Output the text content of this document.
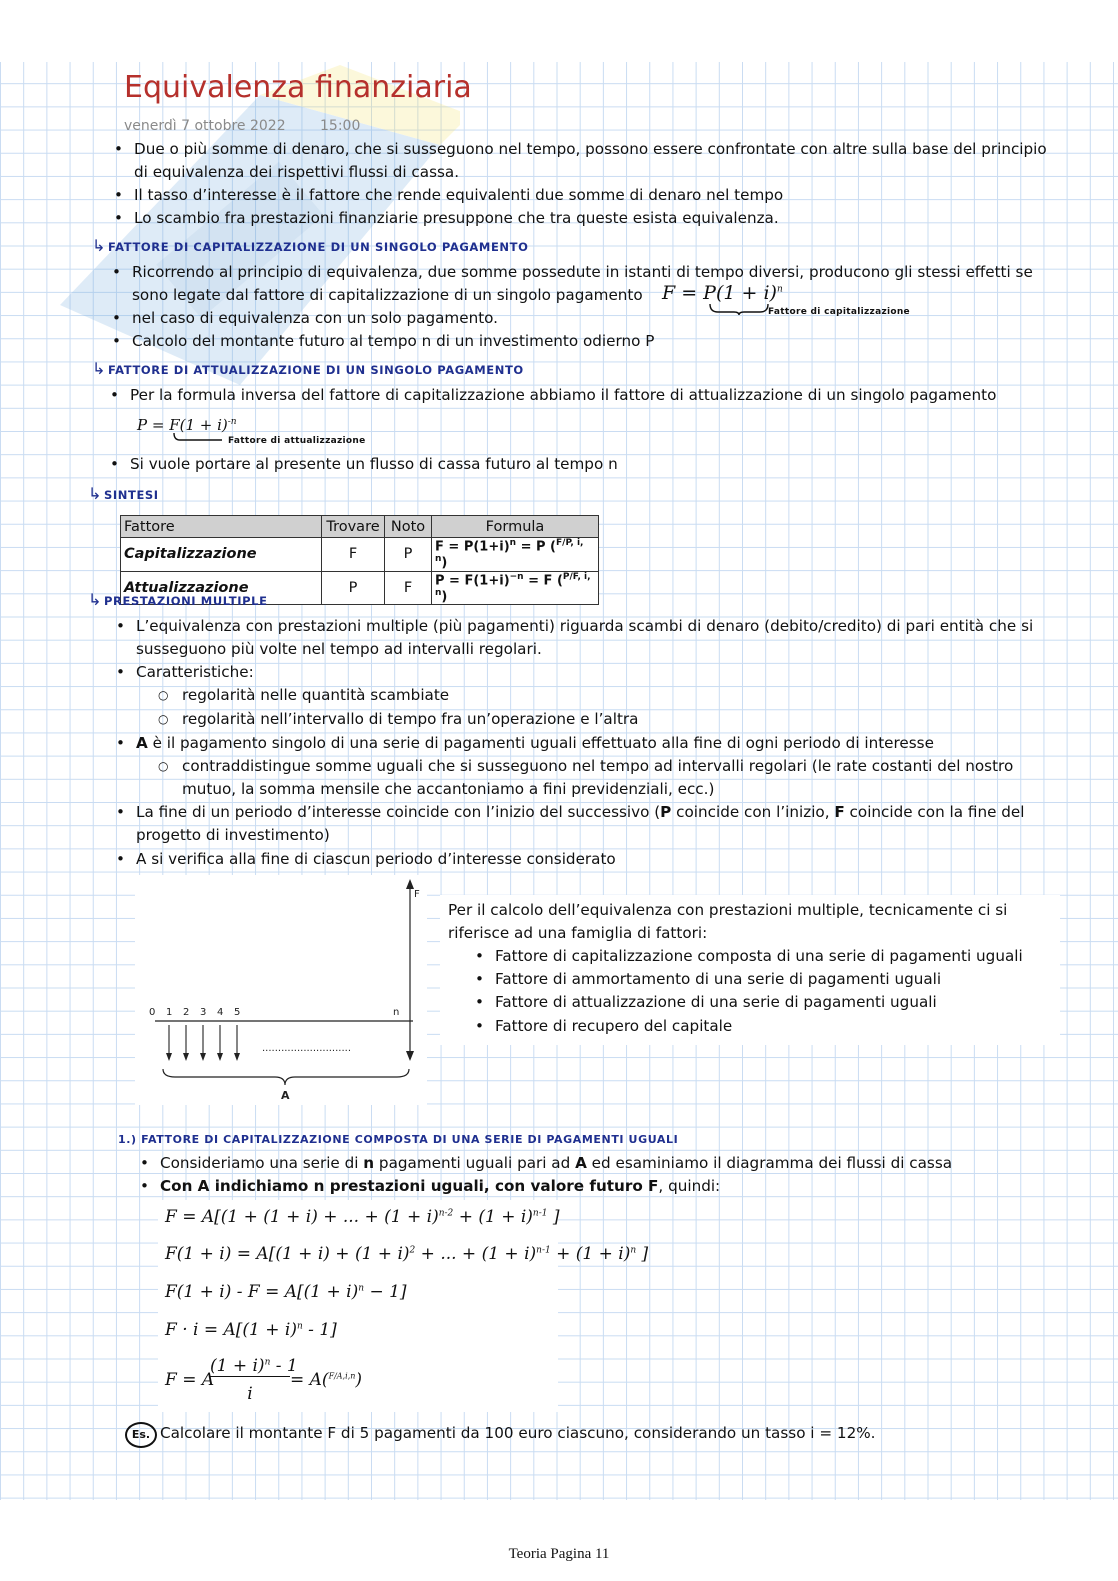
Equivalenza finanziaria
venerdì 7 ottobre 2022 15:00
• Due o più somme di denaro, che si susseguono nel tempo, possono essere confrontate con altre sulla base del principio di equivalenza dei rispettivi flussi di cassa.
• Il tasso d’interesse è il fattore che rende equivalenti due somme di denaro nel tempo
• Lo scambio fra prestazioni finanziarie presuppone che tra queste esista equivalenza.
↳ FATTORE DI CAPITALIZZAZIONE DI UN SINGOLO PAGAMENTO
• Ricorrendo al principio di equivalenza, due somme possedute in istanti di tempo diversi, producono gli stessi effetti se sono legate dal fattore di capitalizzazione di un singolo pagamento
• nel caso di equivalenza con un solo pagamento.
• Calcolo del montante futuro al tempo n di un investimento odierno P
$F = P(1 + i)^n$
Fattore di capitalizzazione
↳ FATTORE DI ATTUALIZZAZIONE DI UN SINGOLO PAGAMENTO
• Per la formula inversa del fattore di capitalizzazione abbiamo il fattore di attualizzazione di un singolo pagamento
$P = F(1 + i)^{-n}$
Fattore di attualizzazione
• Si vuole portare al presente un flusso di cassa futuro al tempo n
↳ SINTESI
Fattore	Trovare	Noto	Formula
Capitalizzazione	F	P	$F = P(1+i)^n = P$ ($^{F/P, i, n}$)
Attualizzazione	P	F	$P = F(1+i)^{-n} = F$ ($^{P/F, i, n}$)
↳ PRESTAZIONI MULTIPLE
• L’equivalenza con prestazioni multiple (più pagamenti) riguarda scambi di denaro (debito/credito) di pari entità che si susseguono più volte nel tempo ad intervalli regolari.
• Caratteristiche:
○ regolarità nelle quantità scambiate
○ regolarità nell’intervallo di tempo fra un’operazione e l’altra
• A è il pagamento singolo di una serie di pagamenti uguali effettuato alla fine di ogni periodo di interesse
○ contraddistingue somme uguali che si susseguono nel tempo ad intervalli regolari (le rate costanti del nostro mutuo, la somma mensile che accantoniamo a fini previdenziali, ecc.)
• La fine di un periodo d’interesse coincide con l’inizio del successivo (P coincide con l’inizio, F coincide con la fine del progetto di investimento)
• A si verifica alla fine di ciascun periodo d’interesse considerato
0 1 2 3 4 5
............................
A
F
n
Per il calcolo dell’equivalenza con prestazioni multiple, tecnicamente ci si riferisce ad una famiglia di fattori:
• Fattore di capitalizzazione composta di una serie di pagamenti uguali
• Fattore di ammortamento di una serie di pagamenti uguali
• Fattore di attualizzazione di una serie di pagamenti uguali
• Fattore di recupero del capitale
1.) FATTORE DI CAPITALIZZAZIONE COMPOSTA DI UNA SERIE DI PAGAMENTI UGUALI
• Consideriamo una serie di n pagamenti uguali pari ad A ed esaminiamo il diagramma dei flussi di cassa
• Con A indichiamo n prestazioni uguali, con valore futuro F, quindi:
F = A[(1 + (1 + i) + ... + $(1 + i)^{n-2} + (1 + i)^{n-1}$ ]
$F(1 + i) = A[(1 + i) + (1 + i)^2$ + ... + $(1 + i)^{n-1} + (1 + i)^n$ ]
$F(1 + i) - F = A[(1 + i)^n - 1]$
$F \cdot i = A[(1 + i)^n - 1]$
F = A
$(1 + i)^n - 1$
i
= A($^{F/A,i,n}$)
Es. Calcolare il montante F di 5 pagamenti da 100 euro ciascuno, considerando un tasso i = 12%.
Teoria Pagina 11
